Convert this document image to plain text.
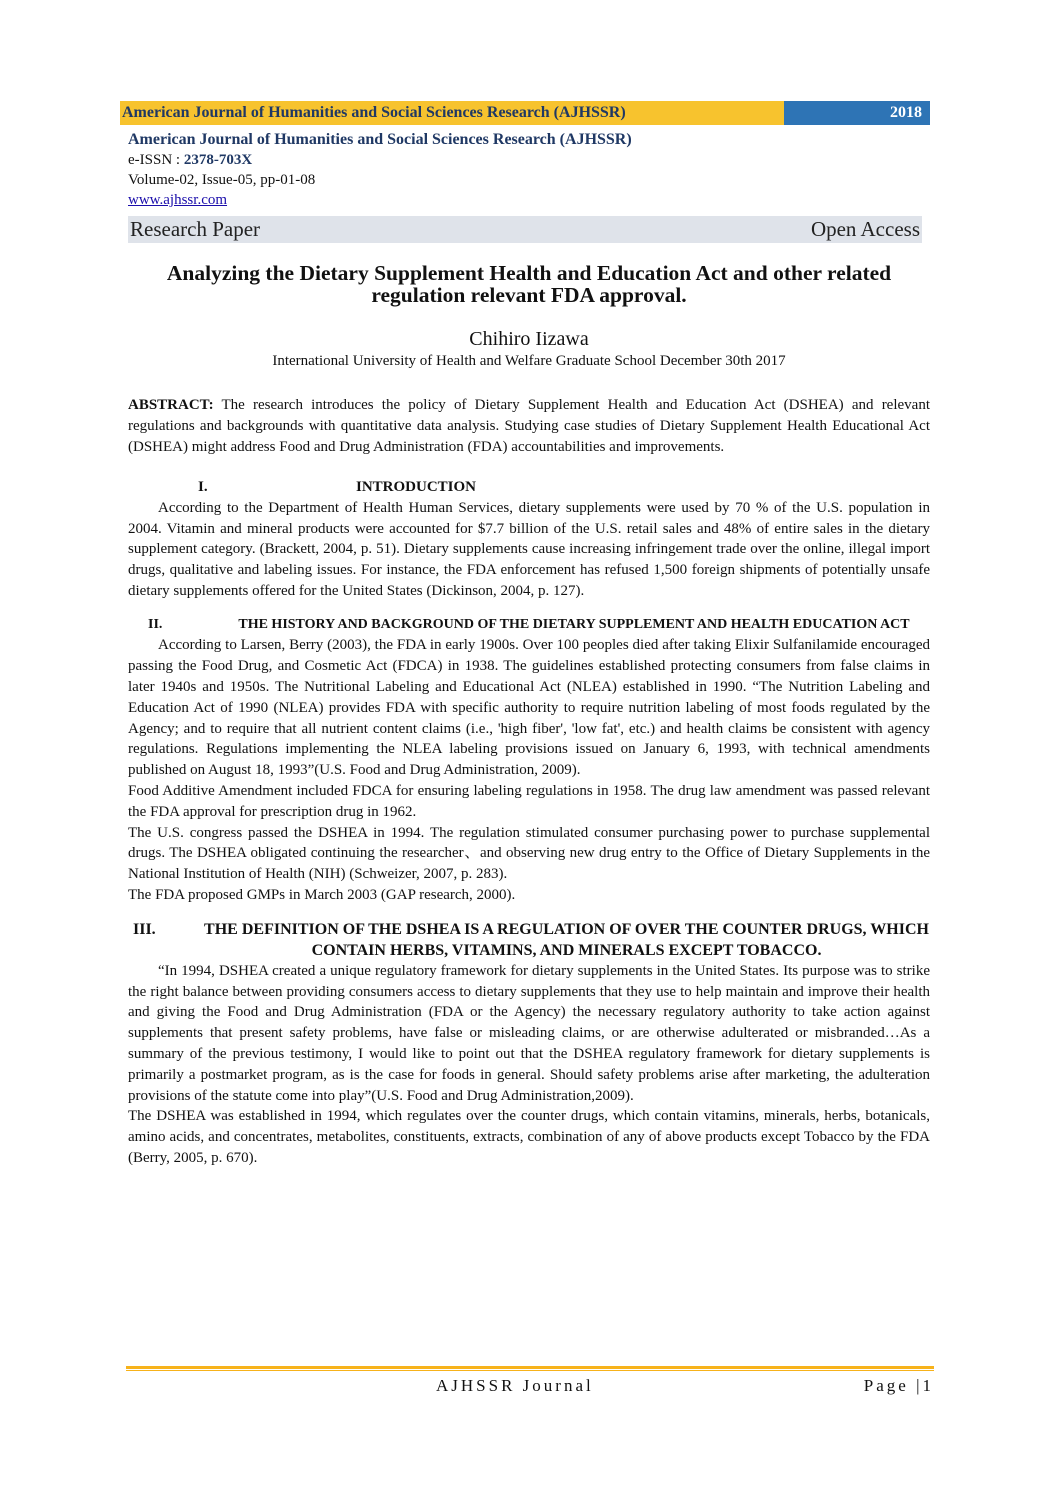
American Journal of Humanities and Social Sciences Research (AJHSSR)	2018
American Journal of Humanities and Social Sciences Research (AJHSSR)
e-ISSN : 2378-703X
Volume-02, Issue-05, pp-01-08
www.ajhssr.com
Research Paper	Open Access
Analyzing the Dietary Supplement Health and Education Act and other related regulation relevant FDA approval.
Chihiro Iizawa
International University of Health and Welfare Graduate School December 30th 2017

ABSTRACT: The research introduces the policy of Dietary Supplement Health and Education Act (DSHEA) and relevant regulations and backgrounds with quantitative data analysis. Studying case studies of Dietary Supplement Health Educational Act (DSHEA) might address Food and Drug Administration (FDA) accountabilities and improvements.

I.	INTRODUCTION

According to the Department of Health Human Services, dietary supplements were used by 70 % of the U.S. population in 2004. Vitamin and mineral products were accounted for $7.7 billion of the U.S. retail sales and 48% of entire sales in the dietary supplement category. (Brackett, 2004, p. 51). Dietary supplements cause increasing infringement trade over the online, illegal import drugs, qualitative and labeling issues. For instance, the FDA enforcement has refused 1,500 foreign shipments of potentially unsafe dietary supplements offered for the United States (Dickinson, 2004, p. 127).

II.	THE HISTORY AND BACKGROUND OF THE DIETARY SUPPLEMENT AND HEALTH EDUCATION ACT

According to Larsen, Berry (2003), the FDA in early 1900s. Over 100 peoples died after taking Elixir Sulfanilamide encouraged passing the Food Drug, and Cosmetic Act (FDCA) in 1938. The guidelines established protecting consumers from false claims in later 1940s and 1950s. The Nutritional Labeling and Educational Act (NLEA) established in 1990. “The Nutrition Labeling and Education Act of 1990 (NLEA) provides FDA with specific authority to require nutrition labeling of most foods regulated by the Agency; and to require that all nutrient content claims (i.e., 'high fiber', 'low fat', etc.) and health claims be consistent with agency regulations. Regulations implementing the NLEA labeling provisions issued on January 6, 1993, with technical amendments published on August 18, 1993”(U.S. Food and Drug Administration, 2009).

Food Additive Amendment included FDCA for ensuring labeling regulations in 1958. The drug law amendment was passed relevant the FDA approval for prescription drug in 1962.

The U.S. congress passed the DSHEA in 1994. The regulation stimulated consumer purchasing power to purchase supplemental drugs. The DSHEA obligated continuing the researcher、and observing new drug entry to the Office of Dietary Supplements in the National Institution of Health (NIH) (Schweizer, 2007, p. 283).

The FDA proposed GMPs in March 2003 (GAP research, 2000).

III.	THE DEFINITION OF THE DSHEA IS A REGULATION OF OVER THE COUNTER DRUGS, WHICH CONTAIN HERBS, VITAMINS, AND MINERALS EXCEPT TOBACCO.

“In 1994, DSHEA created a unique regulatory framework for dietary supplements in the United States. Its purpose was to strike the right balance between providing consumers access to dietary supplements that they use to help maintain and improve their health and giving the Food and Drug Administration (FDA or the Agency) the necessary regulatory authority to take action against supplements that present safety problems, have false or misleading claims, or are otherwise adulterated or misbranded…As a summary of the previous testimony, I would like to point out that the DSHEA regulatory framework for dietary supplements is primarily a postmarket program, as is the case for foods in general. Should safety problems arise after marketing, the adulteration provisions of the statute come into play”(U.S. Food and Drug Administration,2009).

The DSHEA was established in 1994, which regulates over the counter drugs, which contain vitamins, minerals, herbs, botanicals, amino acids, and concentrates, metabolites, constituents, extracts, combination of any of above products except Tobacco by the FDA (Berry, 2005, p. 670).

AJHSSR Journal	Page |1
